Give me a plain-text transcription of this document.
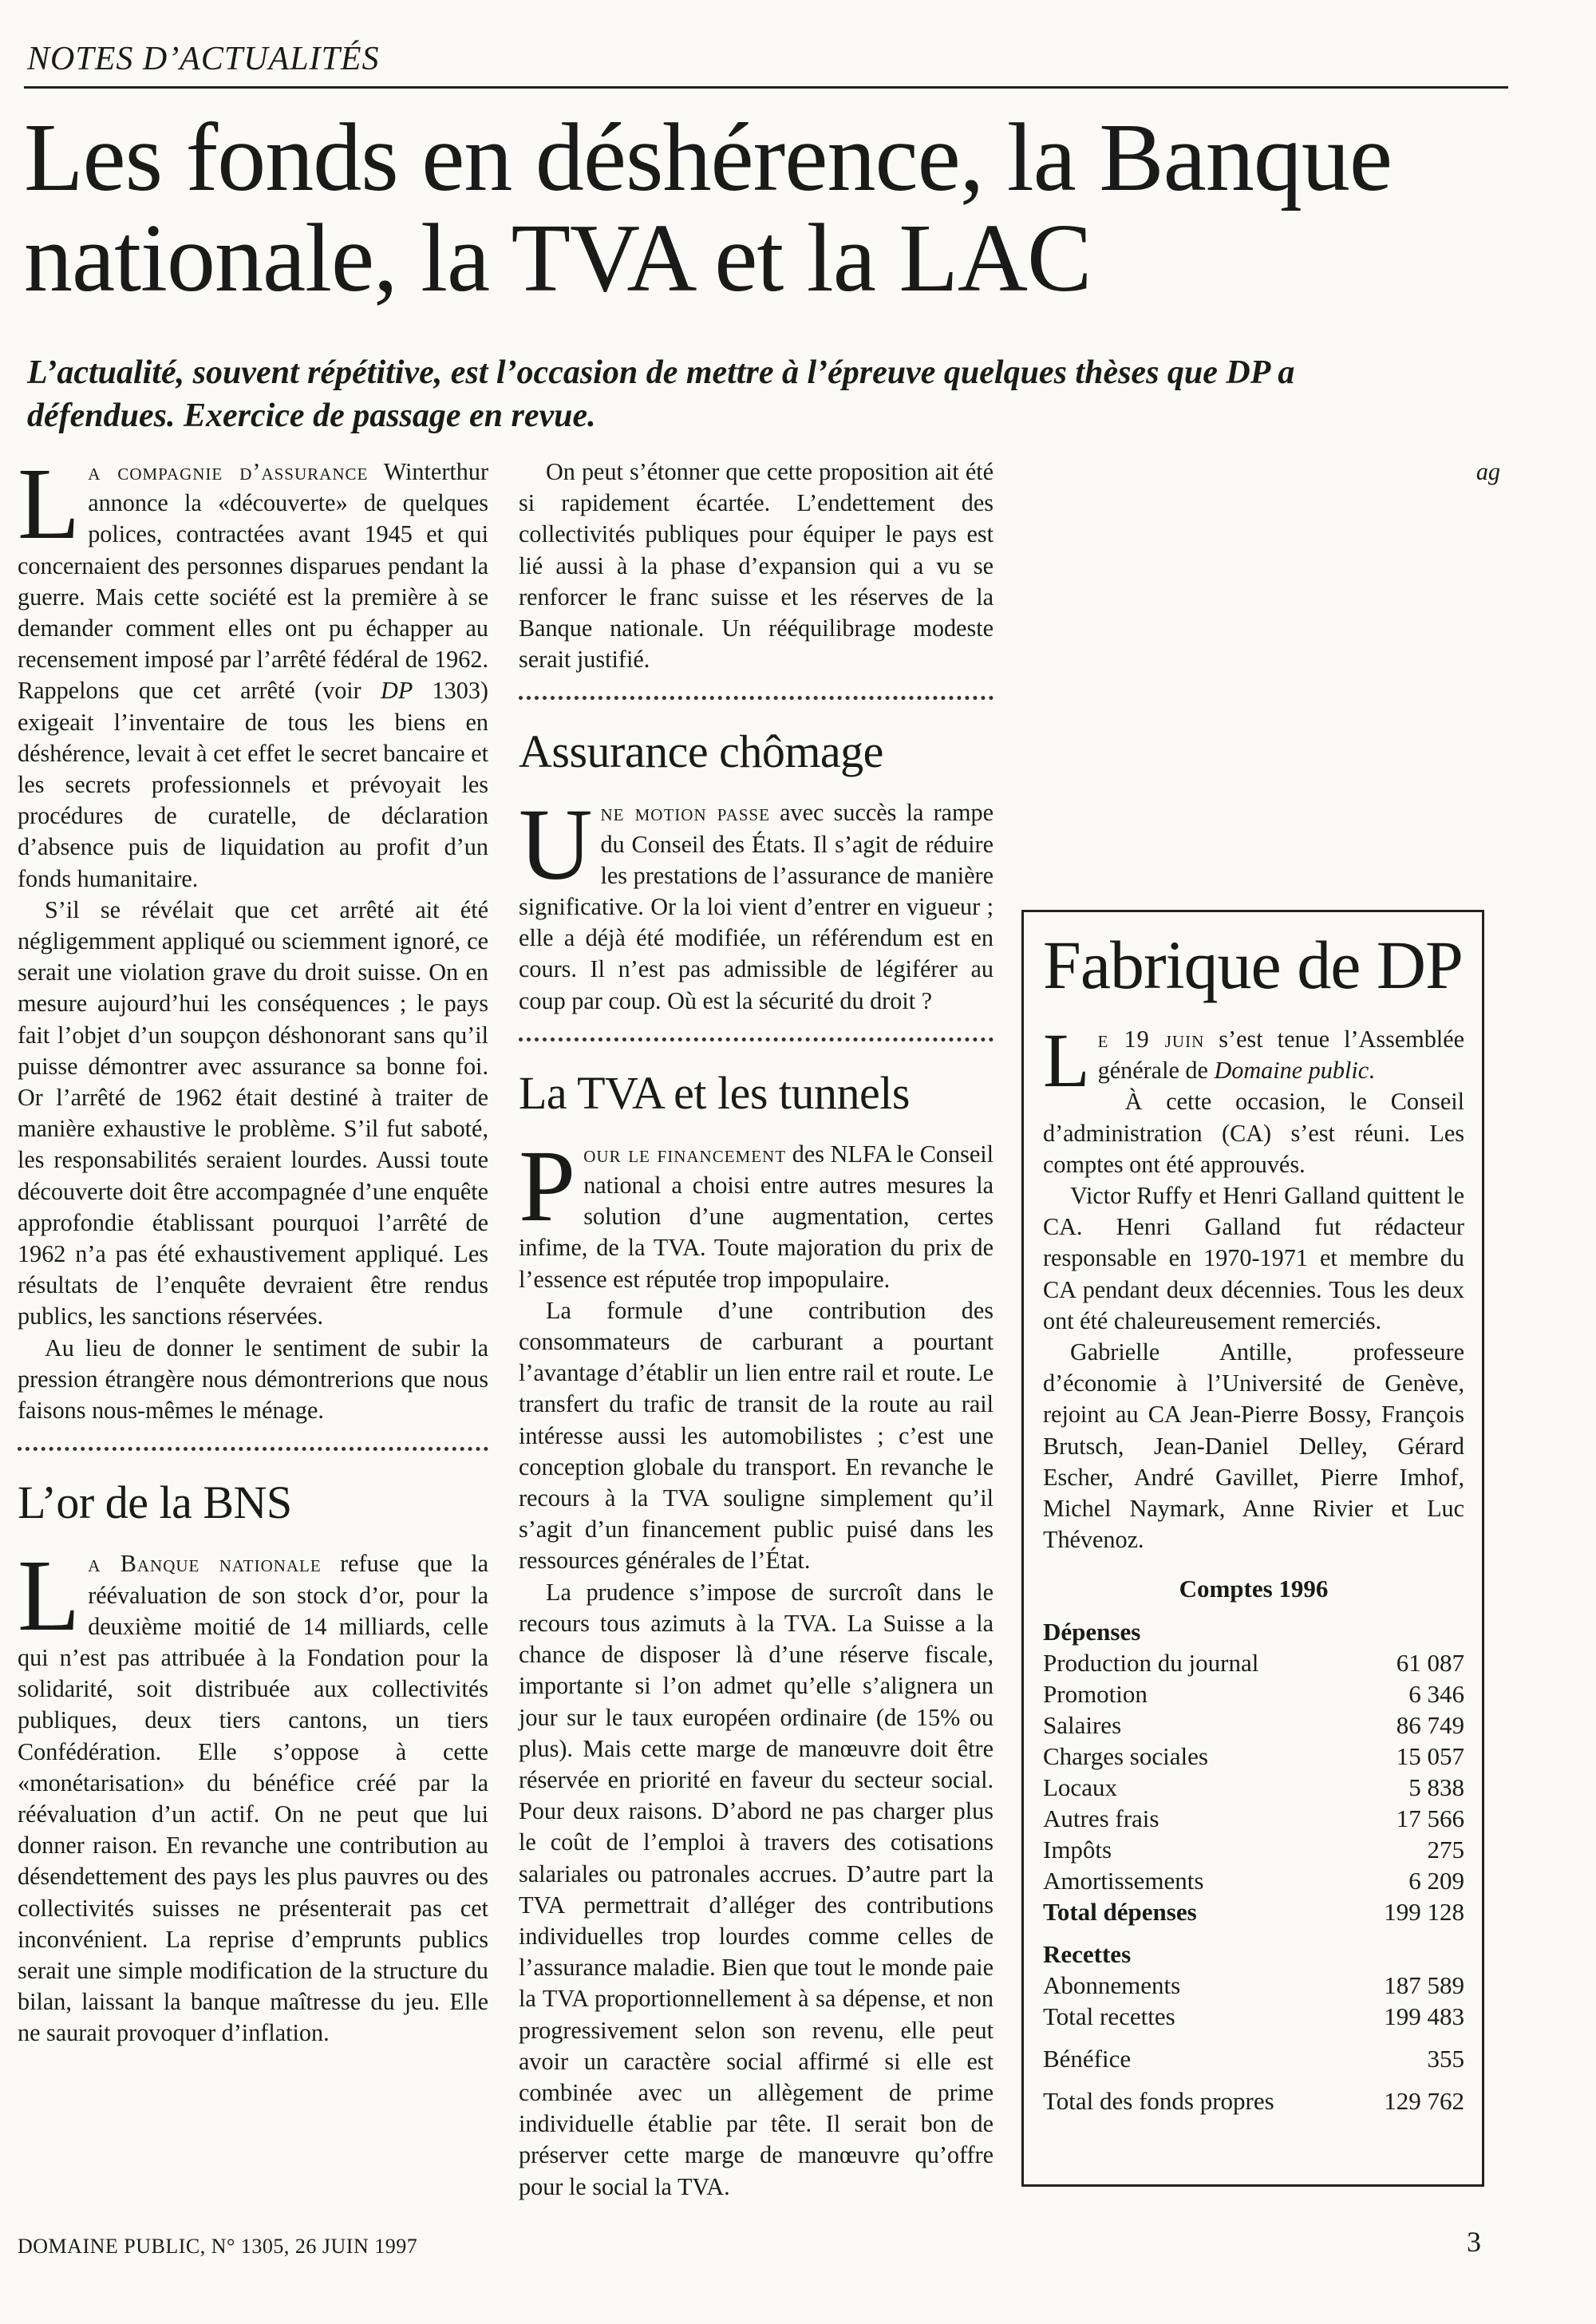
NOTES D’ACTUALITÉS
Les fonds en déshérence, la Banque nationale, la TVA et la LAC

L’actualité, souvent répétitive, est l’occasion de mettre à l’épreuve quelques thèses que DP a défendues. Exercice de passage en revue.

La compagnie d’assurance Winterthur annonce la «découverte» de quelques polices, contractées avant 1945 et qui concernaient des personnes disparues pendant la guerre. Mais cette société est la première à se demander comment elles ont pu échapper au recensement imposé par l’arrêté fédéral de 1962. Rappelons que cet arrêté (voir DP 1303) exigeait l’inventaire de tous les biens en déshérence, levait à cet effet le secret bancaire et les secrets professionnels et prévoyait les procédures de curatelle, de déclaration d’absence puis de liquidation au profit d’un fonds humanitaire.

S’il se révélait que cet arrêté ait été négligemment appliqué ou sciemment ignoré, ce serait une violation grave du droit suisse. On en mesure aujourd’hui les conséquences ; le pays fait l’objet d’un soupçon déshonorant sans qu’il puisse démontrer avec assurance sa bonne foi. Or l’arrêté de 1962 était destiné à traiter de manière exhaustive le problème. S’il fut saboté, les responsabilités seraient lourdes. Aussi toute découverte doit être accompagnée d’une enquête approfondie établissant pourquoi l’arrêté de 1962 n’a pas été exhaustivement appliqué. Les résultats de l’enquête devraient être rendus publics, les sanctions réservées.

Au lieu de donner le sentiment de subir la pression étrangère nous démontrerions que nous faisons nous-mêmes le ménage.

L’or de la BNS

La Banque nationale refuse que la réévaluation de son stock d’or, pour la deuxième moitié de 14 milliards, celle qui n’est pas attribuée à la Fondation pour la solidarité, soit distribuée aux collectivités publiques, deux tiers cantons, un tiers Confédération. Elle s’oppose à cette «monétarisation» du bénéfice créé par la réévaluation d’un actif. On ne peut que lui donner raison. En revanche une contribution au désendettement des pays les plus pauvres ou des collectivités suisses ne présenterait pas cet inconvénient. La reprise d’emprunts publics serait une simple modification de la structure du bilan, laissant la banque maîtresse du jeu. Elle ne saurait provoquer d’inflation.

On peut s’étonner que cette proposition ait été si rapidement écartée. L’endettement des collectivités publiques pour équiper le pays est lié aussi à la phase d’expansion qui a vu se renforcer le franc suisse et les réserves de la Banque nationale. Un rééquilibrage modeste serait justifié.

Assurance chômage

Une motion passe avec succès la rampe du Conseil des États. Il s’agit de réduire les prestations de l’assurance de manière significative. Or la loi vient d’entrer en vigueur ; elle a déjà été modifiée, un référendum est en cours. Il n’est pas admissible de légiférer au coup par coup. Où est la sécurité du droit ?

La TVA et les tunnels

Pour le financement des NLFA le Conseil national a choisi entre autres mesures la solution d’une augmentation, certes infime, de la TVA. Toute majoration du prix de l’essence est réputée trop impopulaire.

La formule d’une contribution des consommateurs de carburant a pourtant l’avantage d’établir un lien entre rail et route. Le transfert du trafic de transit de la route au rail intéresse aussi les automobilistes ; c’est une conception globale du transport. En revanche le recours à la TVA souligne simplement qu’il s’agit d’un financement public puisé dans les ressources générales de l’État.

La prudence s’impose de surcroît dans le recours tous azimuts à la TVA. La Suisse a la chance de disposer là d’une réserve fiscale, importante si l’on admet qu’elle s’alignera un jour sur le taux européen ordinaire (de 15% ou plus). Mais cette marge de manœuvre doit être réservée en priorité en faveur du secteur social. Pour deux raisons. D’abord ne pas charger plus le coût de l’emploi à travers des cotisations salariales ou patronales accrues. D’autre part la TVA permettrait d’alléger des contributions individuelles trop lourdes comme celles de l’assurance maladie. Bien que tout le monde paie la TVA proportionnellement à sa dépense, et non progressivement selon son revenu, elle peut avoir un caractère social affirmé si elle est combinée avec un allègement de prime individuelle établie par tête. Il serait bon de préserver cette marge de manœuvre qu’offre pour le social la TVA.

ag

Fabrique de DP

Le 19 juin s’est tenue l’Assemblée générale de Domaine public.

À cette occasion, le Conseil d’administration (CA) s’est réuni. Les comptes ont été approuvés.

Victor Ruffy et Henri Galland quittent le CA. Henri Galland fut rédacteur responsable en 1970-1971 et membre du CA pendant deux décennies. Tous les deux ont été chaleureusement remerciés.

Gabrielle Antille, professeure d’économie à l’Université de Genève, rejoint au CA Jean-Pierre Bossy, François Brutsch, Jean-Daniel Delley, Gérard Escher, André Gavillet, Pierre Imhof, Michel Naymark, Anne Rivier et Luc Thévenoz.

Comptes 1996
Dépenses	
Production du journal	61 087
Promotion	6 346
Salaires	86 749
Charges sociales	15 057
Locaux	5 838
Autres frais	17 566
Impôts	275
Amortissements	6 209
Total dépenses	199 128
Recettes	
Abonnements	187 589
Total recettes	199 483
Bénéfice	355
Total des fonds propres	129 762
DOMAINE PUBLIC, N° 1305, 26 JUIN 1997	3
